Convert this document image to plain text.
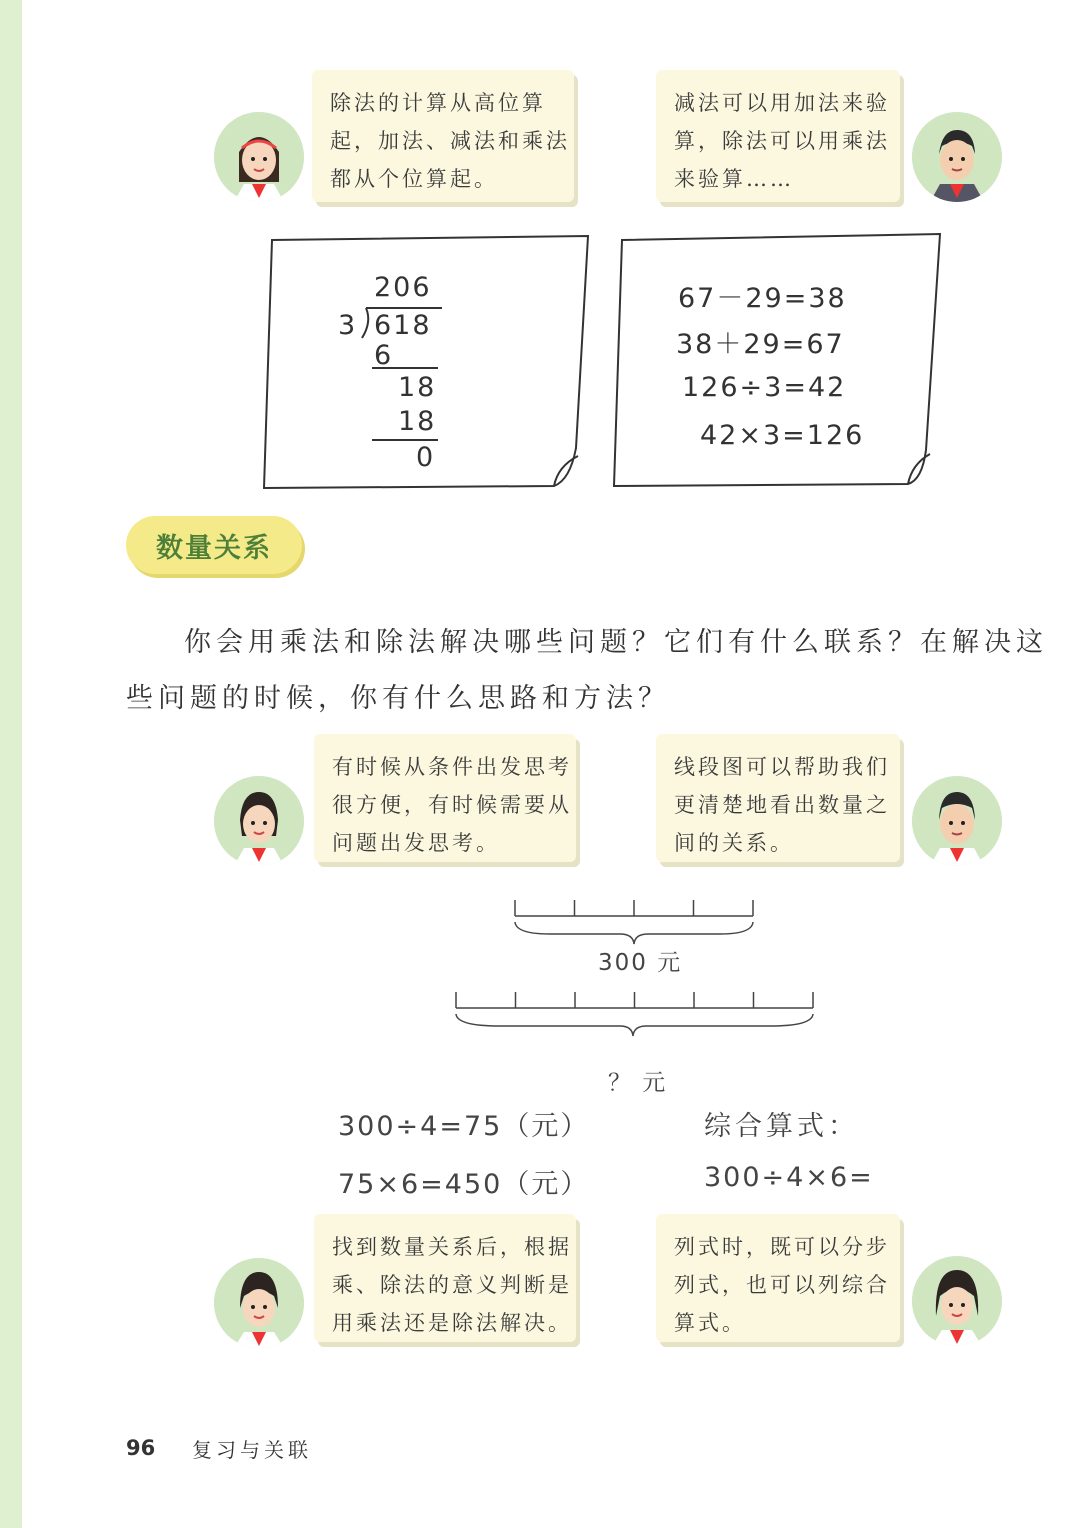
除法的计算从高位算
起，加法、减法和乘法
都从个位算起。
减法可以用加法来验
算，除法可以用乘法
来验算……
206
3 618
6
18
18
0
67－29=38
38＋29=67
126÷3=42
42×3=126
数量关系
你会用乘法和除法解决哪些问题？它们有什么联系？在解决这
些问题的时候，你有什么思路和方法？
有时候从条件出发思考
很方便，有时候需要从
问题出发思考。
线段图可以帮助我们
更清楚地看出数量之
间的关系。
300 元
？ 元
300÷4=75（元）
75×6=450（元）
综合算式：
300÷4×6=
找到数量关系后，根据
乘、除法的意义判断是
用乘法还是除法解决。
列式时，既可以分步
列式，也可以列综合
算式。
96 复习与关联
